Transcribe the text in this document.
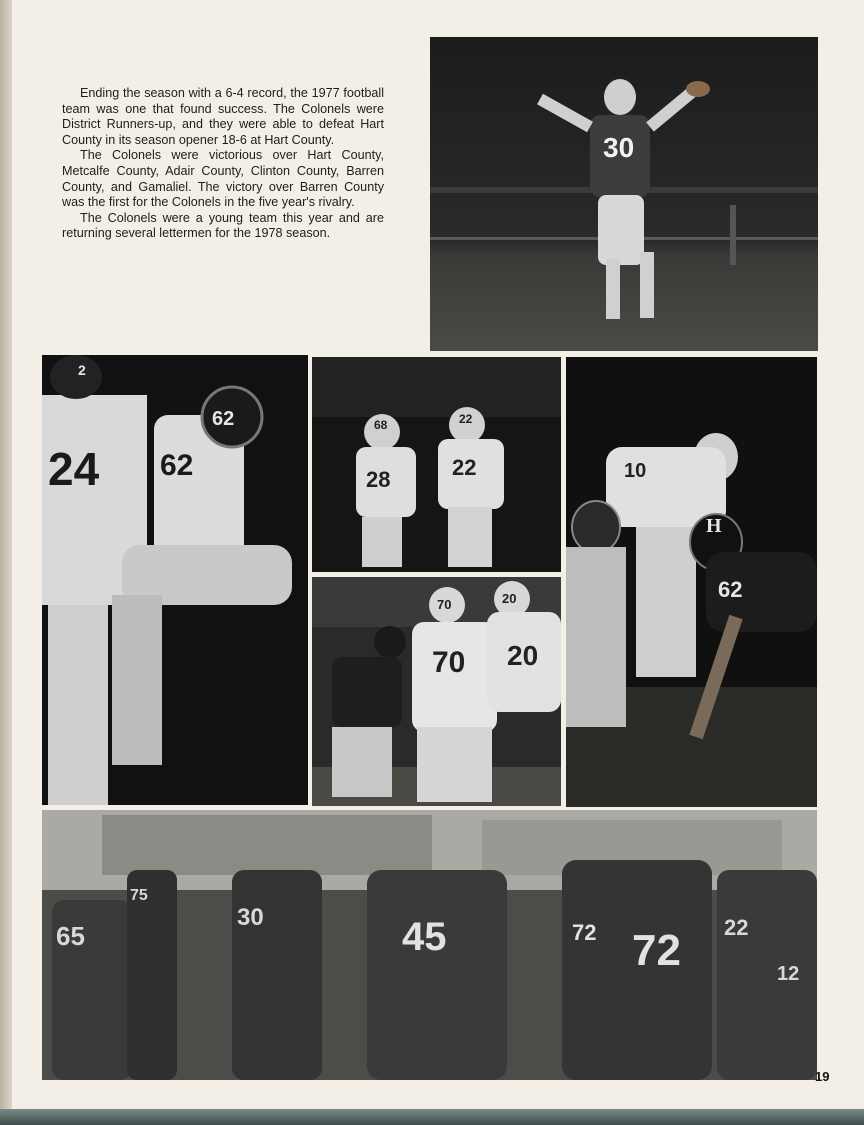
Ending the season with a 6-4 record, the 1977 football team was one that found success. The Colonels were District Runners-up, and they were able to defeat Hart County in its season opener 18-6 at Hart County.

The Colonels were victorious over Hart County, Metcalfe County, Adair County, Clinton County, Barren County, and Gamaliel. The victory over Barren County was the first for the Colonels in the five year's rivalry.

The Colonels were a young team this year and are returning several lettermen for the 1978 season.

30
24 62
62
2
68	22
28	22
70	20
70 20
10
62
H
65
75
30	45	72 72 22
12
19
